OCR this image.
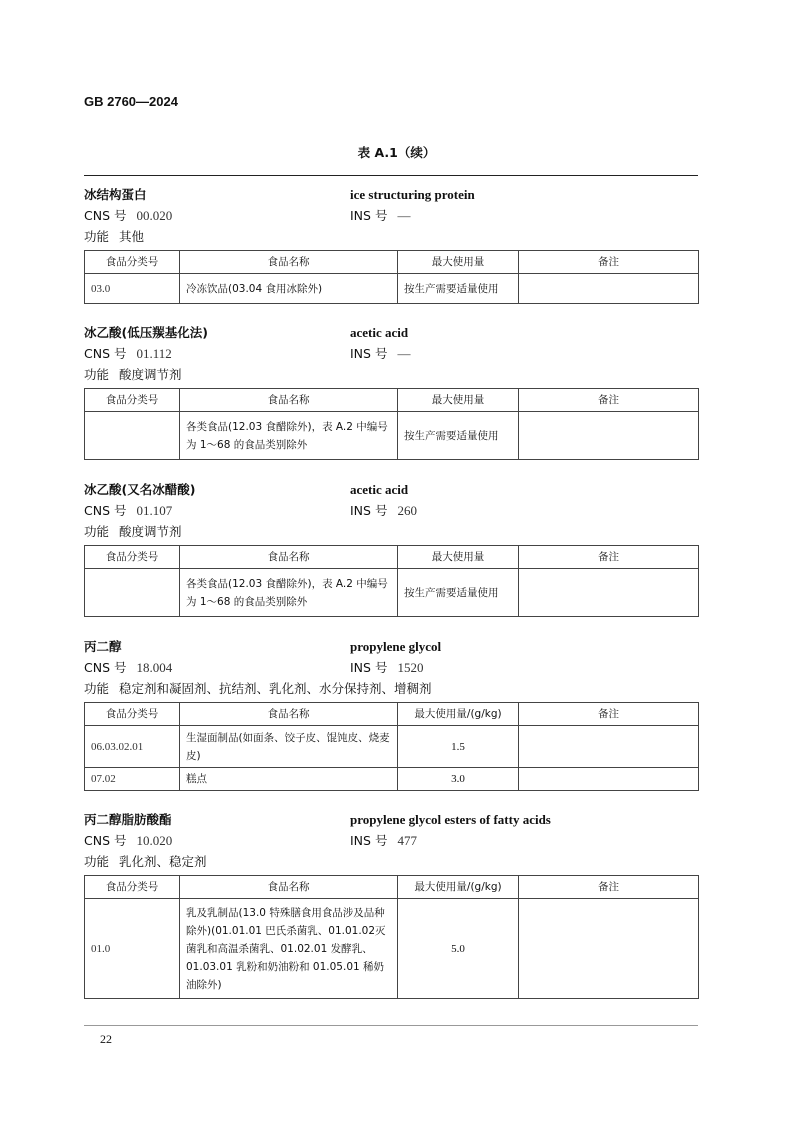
GB 2760—2024
表 A.1（续）
冰结构蛋白	ice structuring protein
CNS 号 00.020	INS 号 —
功能 其他
食品分类号	食品名称	最大使用量	备注
03.0	冷冻饮品(03.04 食用冰除外)	按生产需要适量使用	
冰乙酸(低压羰基化法)	acetic acid
CNS 号 01.112	INS 号 —
功能 酸度调节剂
食品分类号	食品名称	最大使用量	备注
	各类食品(12.03 食醋除外)，表 A.2 中编号为 1～68 的食品类别除外	按生产需要适量使用	
冰乙酸(又名冰醋酸)	acetic acid
CNS 号 01.107	INS 号 260
功能 酸度调节剂
食品分类号	食品名称	最大使用量	备注
	各类食品(12.03 食醋除外)，表 A.2 中编号为 1～68 的食品类别除外	按生产需要适量使用	
丙二醇	propylene glycol
CNS 号 18.004	INS 号 1520
功能 稳定剂和凝固剂、抗结剂、乳化剂、水分保持剂、增稠剂
食品分类号	食品名称	最大使用量/(g/kg)	备注
06.03.02.01	生湿面制品(如面条、饺子皮、馄饨皮、烧麦皮)	1.5	
07.02	糕点	3.0	
丙二醇脂肪酸酯	propylene glycol esters of fatty acids
CNS 号 10.020	INS 号 477
功能 乳化剂、稳定剂
食品分类号	食品名称	最大使用量/(g/kg)	备注
01.0	乳及乳制品(13.0 特殊膳食用食品涉及品种除外)(01.01.01 巴氏杀菌乳、01.01.02灭菌乳和高温杀菌乳、01.02.01 发酵乳、01.03.01 乳粉和奶油粉和 01.05.01 稀奶油除外)	5.0	
22
